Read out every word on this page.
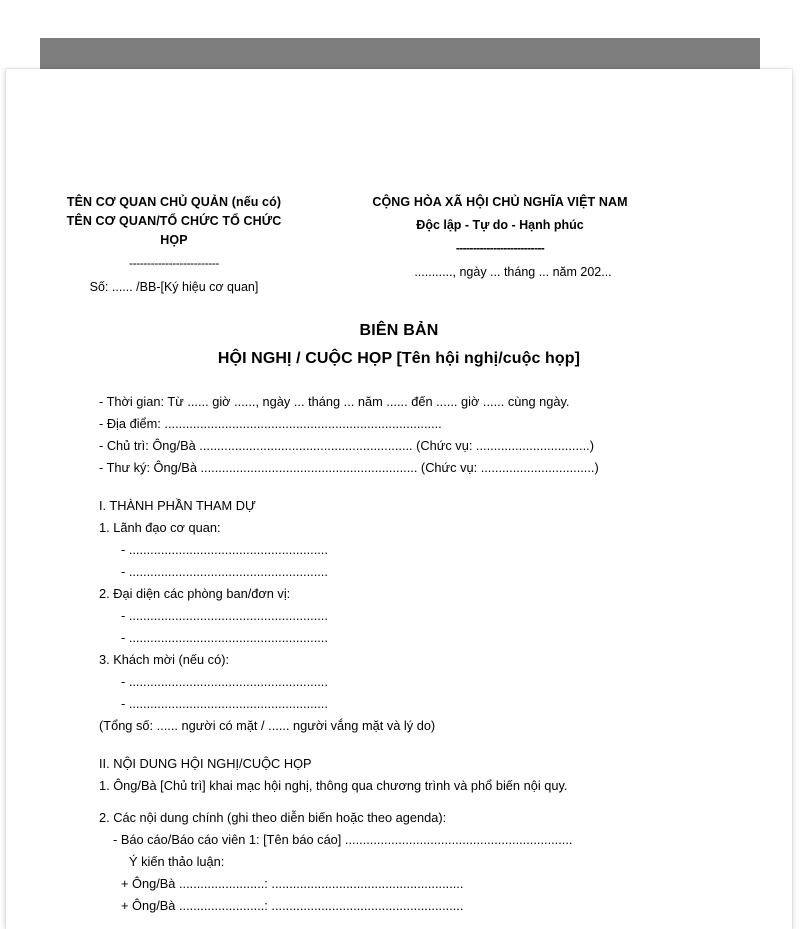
TÊN CƠ QUAN CHỦ QUẢN (nếu có)
TÊN CƠ QUAN/TỔ CHỨC TỔ CHỨC
HỌP
-------------------------
Số: ...... /BB-[Ký hiệu cơ quan]
CỘNG HÒA XÃ HỘI CHỦ NGHĨA VIỆT NAM
Độc lập - Tự do - Hạnh phúc
--------------------------
..........., ngày ... tháng ... năm 202...
BIÊN BẢN
HỘI NGHỊ / CUỘC HỌP [Tên hội nghị/cuộc họp]
- Thời gian: Từ ...... giờ ......, ngày ... tháng ... năm ...... đến ...... giờ ...... cùng ngày.
- Địa điểm: ..............................................................................
- Chủ trì: Ông/Bà ............................................................ (Chức vụ: ................................)
- Thư ký: Ông/Bà ............................................................. (Chức vụ: ................................)
I. THÀNH PHẦN THAM DỰ
1. Lãnh đạo cơ quan:
- ........................................................
- ........................................................
2. Đại diện các phòng ban/đơn vị:
- ........................................................
- ........................................................
3. Khách mời (nếu có):
- ........................................................
- ........................................................
(Tổng số: ...... người có mặt / ...... người vắng mặt và lý do)
II. NỘI DUNG HỘI NGHỊ/CUỘC HỌP
1. Ông/Bà [Chủ trì] khai mạc hội nghị, thông qua chương trình và phổ biến nội quy.
2. Các nội dung chính (ghi theo diễn biến hoặc theo agenda):
- Báo cáo/Báo cáo viên 1: [Tên báo cáo] ................................................................
Ý kiến thảo luận:
+ Ông/Bà ........................: ......................................................
+ Ông/Bà ........................: ......................................................
